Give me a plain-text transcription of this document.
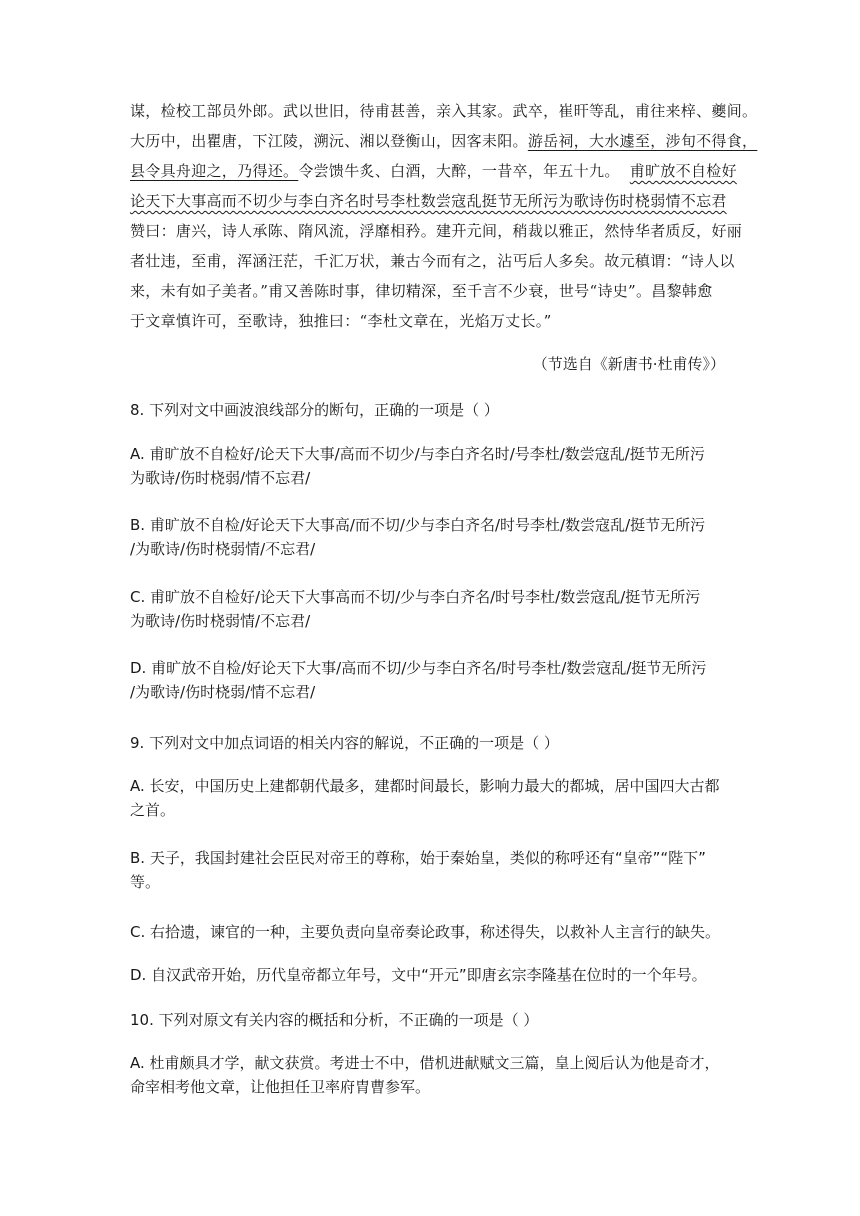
谋，检校工部员外郎。武以世旧，待甫甚善，亲入其家。武卒，崔旰等乱，甫往来梓、夔间。
大历中，出瞿唐，下江陵，溯沅、湘以登衡山，因客耒阳。游岳祠，大水遽至，涉旬不得食，
县令具舟迎之，乃得还。令尝馈牛炙、白酒，大醉，一昔卒，年五十九。 甫旷放不自检好
论天下大事高而不切少与李白齐名时号李杜数尝寇乱挺节无所污为歌诗伤时桡弱情不忘君
赞曰：唐兴，诗人承陈、隋风流，浮靡相矜。建开元间，稍裁以雅正，然恃华者质反，好丽
者壮违，至甫，浑涵汪茫，千汇万状，兼古今而有之，沾丐后人多矣。故元稹谓：“诗人以
来，未有如子美者。”甫又善陈时事，律切精深，至千言不少衰，世号“诗史”。昌黎韩愈
于文章慎许可，至歌诗，独推曰：“李杜文章在，光焰万丈长。”
（节选自《新唐书·杜甫传》）
8. 下列对文中画波浪线部分的断句，正确的一项是（ ）
A. 甫旷放不自检好/论天下大事/高而不切少/与李白齐名时/号李杜/数尝寇乱/挺节无所污
为歌诗/伤时桡弱/情不忘君/
B. 甫旷放不自检/好论天下大事高/而不切/少与李白齐名/时号李杜/数尝寇乱/挺节无所污
/为歌诗/伤时桡弱情/不忘君/
C. 甫旷放不自检好/论天下大事高而不切/少与李白齐名/时号李杜/数尝寇乱/挺节无所污
为歌诗/伤时桡弱情/不忘君/
D. 甫旷放不自检/好论天下大事/高而不切/少与李白齐名/时号李杜/数尝寇乱/挺节无所污
/为歌诗/伤时桡弱/情不忘君/
9. 下列对文中加点词语的相关内容的解说，不正确的一项是（ ）
A. 长安，中国历史上建都朝代最多，建都时间最长，影响力最大的都城，居中国四大古都
之首。
B. 天子，我国封建社会臣民对帝王的尊称，始于秦始皇，类似的称呼还有“皇帝”“陛下”
等。
C. 右拾遗，谏官的一种，主要负责向皇帝奏论政事，称述得失，以救补人主言行的缺失。
D. 自汉武帝开始，历代皇帝都立年号，文中“开元”即唐玄宗李隆基在位时的一个年号。
10. 下列对原文有关内容的概括和分析，不正确的一项是（ ）
A. 杜甫颇具才学，献文获赏。考进士不中，借机进献赋文三篇，皇上阅后认为他是奇才，
命宰相考他文章，让他担任卫率府胄曹参军。
